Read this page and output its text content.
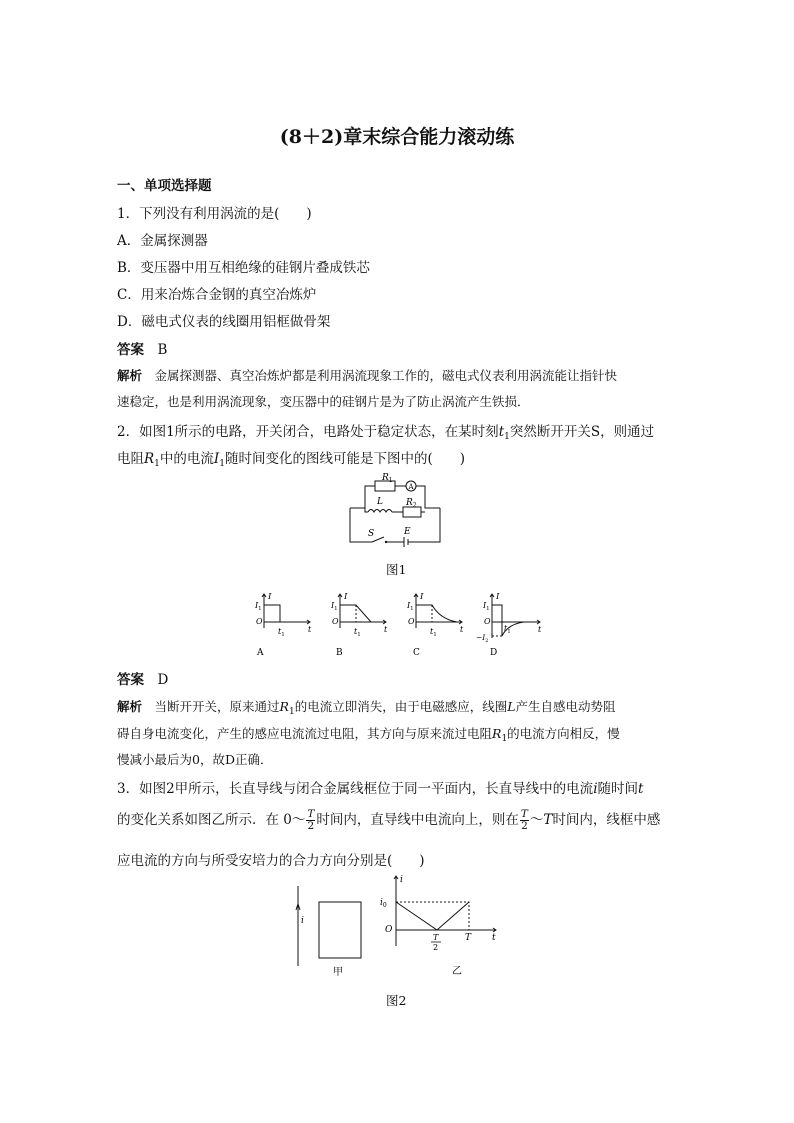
(8＋2)章末综合能力滚动练
一、单项选择题
1．下列没有利用涡流的是(　　)
A．金属探测器
B．变压器中用互相绝缘的硅钢片叠成铁芯
C．用来冶炼合金钢的真空冶炼炉
D．磁电式仪表的线圈用铝框做骨架
答案  B
解析  金属探测器、真空冶炼炉都是利用涡流现象工作的，磁电式仪表利用涡流能让指针快
速稳定，也是利用涡流现象，变压器中的硅钢片是为了防止涡流产生铁损．
2．如图1所示的电路，开关闭合，电路处于稳定状态，在某时刻$t_1$突然断开开关S，则通过
电阻$R_1$中的电流$I_1$随时间变化的图线可能是下图中的(　　)
$R_1$
A
L	$R_2$
S	E
图1
I
$I_1$
O
$t_1$
t
A
I
$I_1$
O
$t_1$
t
B
I
$I_1$
O
$t_1$
t
C
I
$I_1$
O
$t_1$	t
$-I_2$
D
答案  D
解析  当断开开关，原来通过$R_1$的电流立即消失，由于电磁感应，线圈L产生自感电动势阻
碍自身电流变化，产生的感应电流流过电阻，其方向与原来流过电阻$R_1$的电流方向相反，慢
慢减小最后为0，故D正确．
3．如图2甲所示，长直导线与闭合金属线框位于同一平面内，长直导线中的电流i随时间t
的变化关系如图乙所示．在 0～ $\frac{T}{2}$ 时间内，直导线中电流向上，则在 $\frac{T}{2}$ ～T时间内，线框中感
应电流的方向与所受安培力的合力方向分别是(　　)
i
甲
i
$i_0$
O
T
2
T t
乙
图2
